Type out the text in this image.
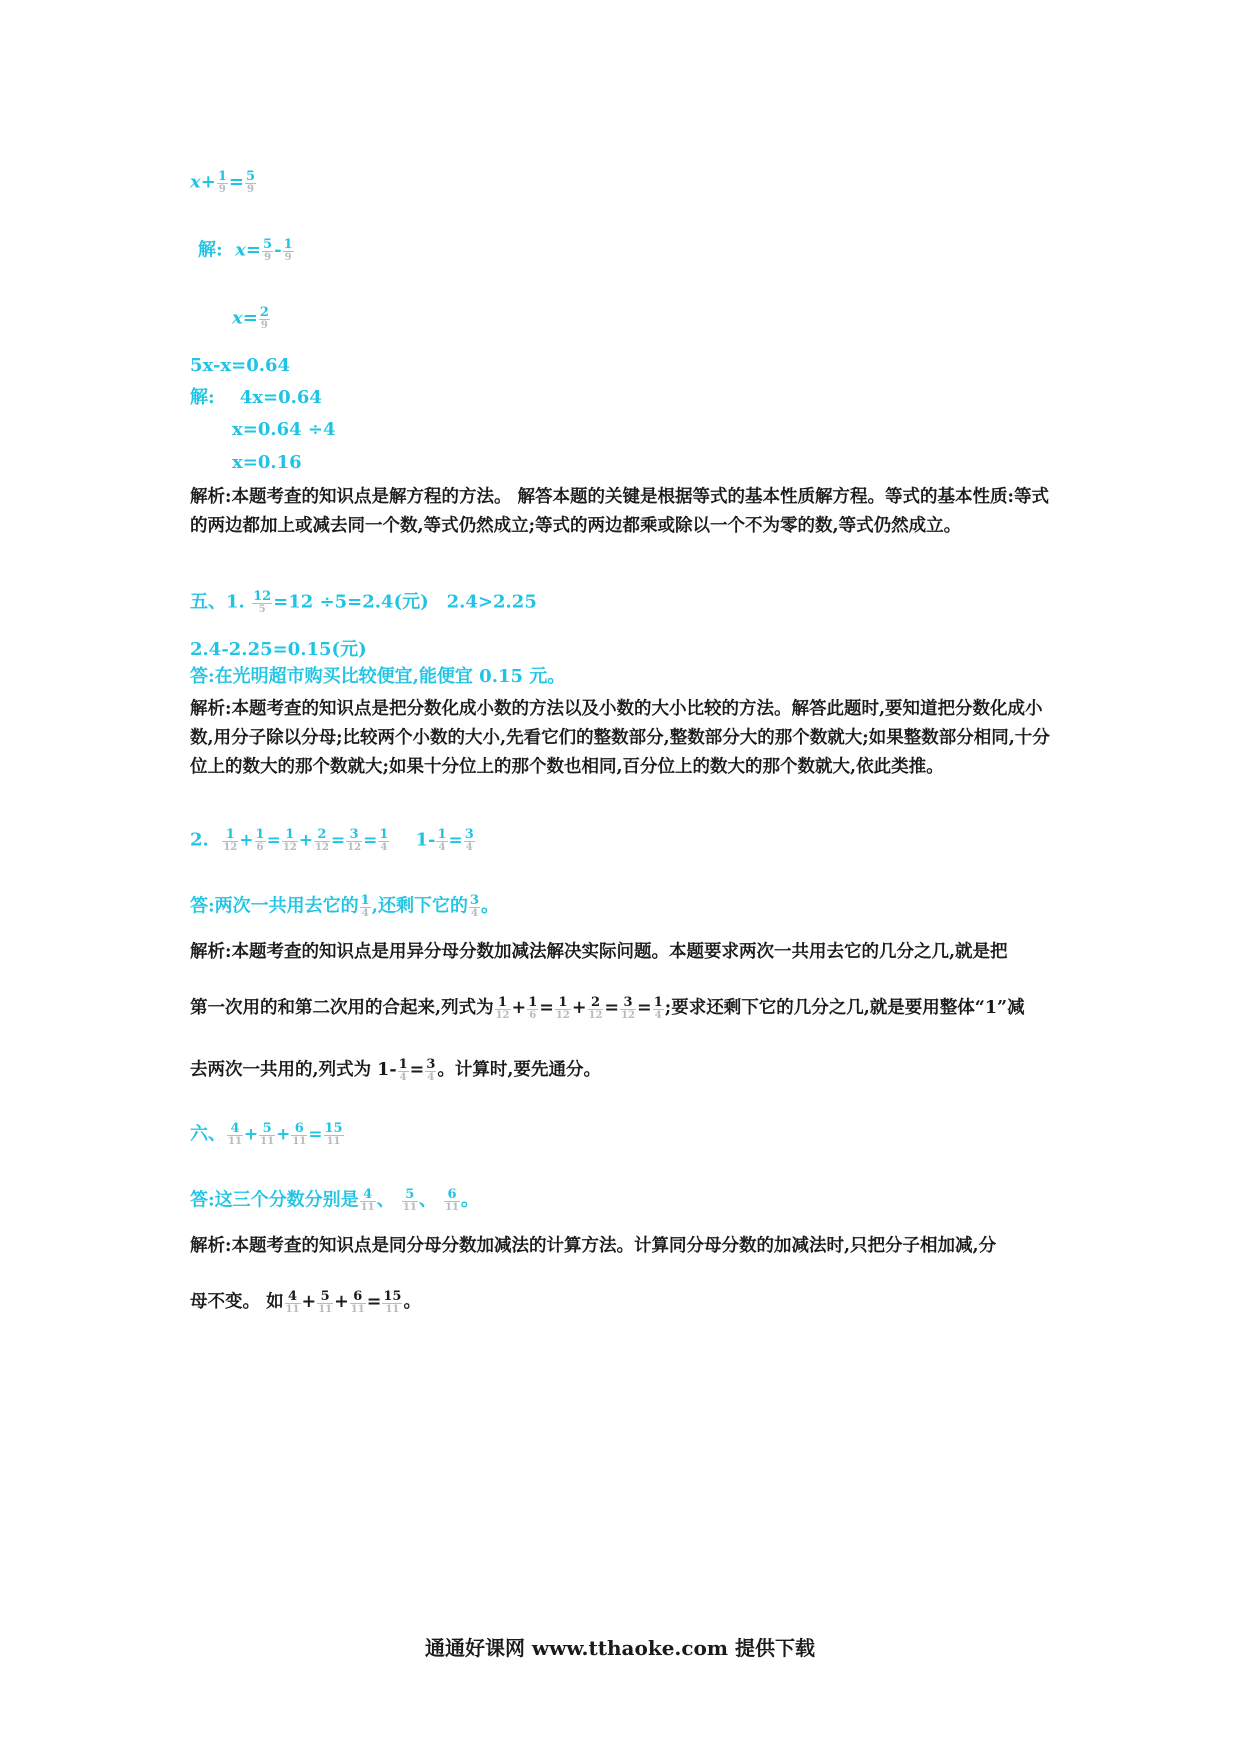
$x+ \frac{1}{9} = \frac{5}{9}$
解: $x= \frac{5}{9} - \frac{1}{9}$
$x= \frac{2}{9}$
5x-x=0.64
解: 4x=0.64
x=0.64 ÷4
x=0.16
解析:本题考查的知识点是解方程的方法。 解答本题的关键是根据等式的基本性质解方程。等式的基本性质:等式的两边都加上或减去同一个数,等式仍然成立;等式的两边都乘或除以一个不为零的数,等式仍然成立。
五、1. $\frac{12}{5} =12 \div 5=2.4$(元)　2.4>2.25
2.4-2.25=0.15(元)
答:在光明超市购买比较便宜,能便宜 0.15 元。
解析:本题考查的知识点是把分数化成小数的方法以及小数的大小比较的方法。解答此题时,要知道把分数化成小数,用分子除以分母;比较两个小数的大小,先看它们的整数部分,整数部分大的那个数就大;如果整数部分相同,十分位上的数大的那个数就大;如果十分位上的那个数也相同,百分位上的数大的那个数就大,依此类推。
2. $\frac{1}{12} + \frac{1}{6} = \frac{1}{12} + \frac{2}{12} = \frac{3}{12} = \frac{1}{4} 1- \frac{1}{4} = \frac{3}{4}$
答:两次一共用去它的 $\frac{1}{4}$ ,还剩下它的 $\frac{3}{4}$ 。
解析:本题考查的知识点是用异分母分数加减法解决实际问题。本题要求两次一共用去它的几分之几,就是把
第一次用的和第二次用的合起来,列式为 $\frac{1}{12} + \frac{1}{6} = \frac{1}{12} + \frac{2}{12} = \frac{3}{12} = \frac{1}{4}$ ;要求还剩下它的几分之几,就是要用整体“1”减
去两次一共用的,列式为 $1- \frac{1}{4} = \frac{3}{4}$ 。计算时,要先通分。
六、 $\frac{4}{11} + \frac{5}{11} + \frac{6}{11} = \frac{15}{11}$
答:这三个分数分别是 $\frac{4}{11}$ 、 $\frac{5}{11}$ 、 $\frac{6}{11}$ 。
解析:本题考查的知识点是同分母分数加减法的计算方法。计算同分母分数的加减法时,只把分子相加减,分
母不变。 如 $\frac{4}{11} + \frac{5}{11} + \frac{6}{11} = \frac{15}{11}$ 。
通通好课网 www.tthaoke.com 提供下载
